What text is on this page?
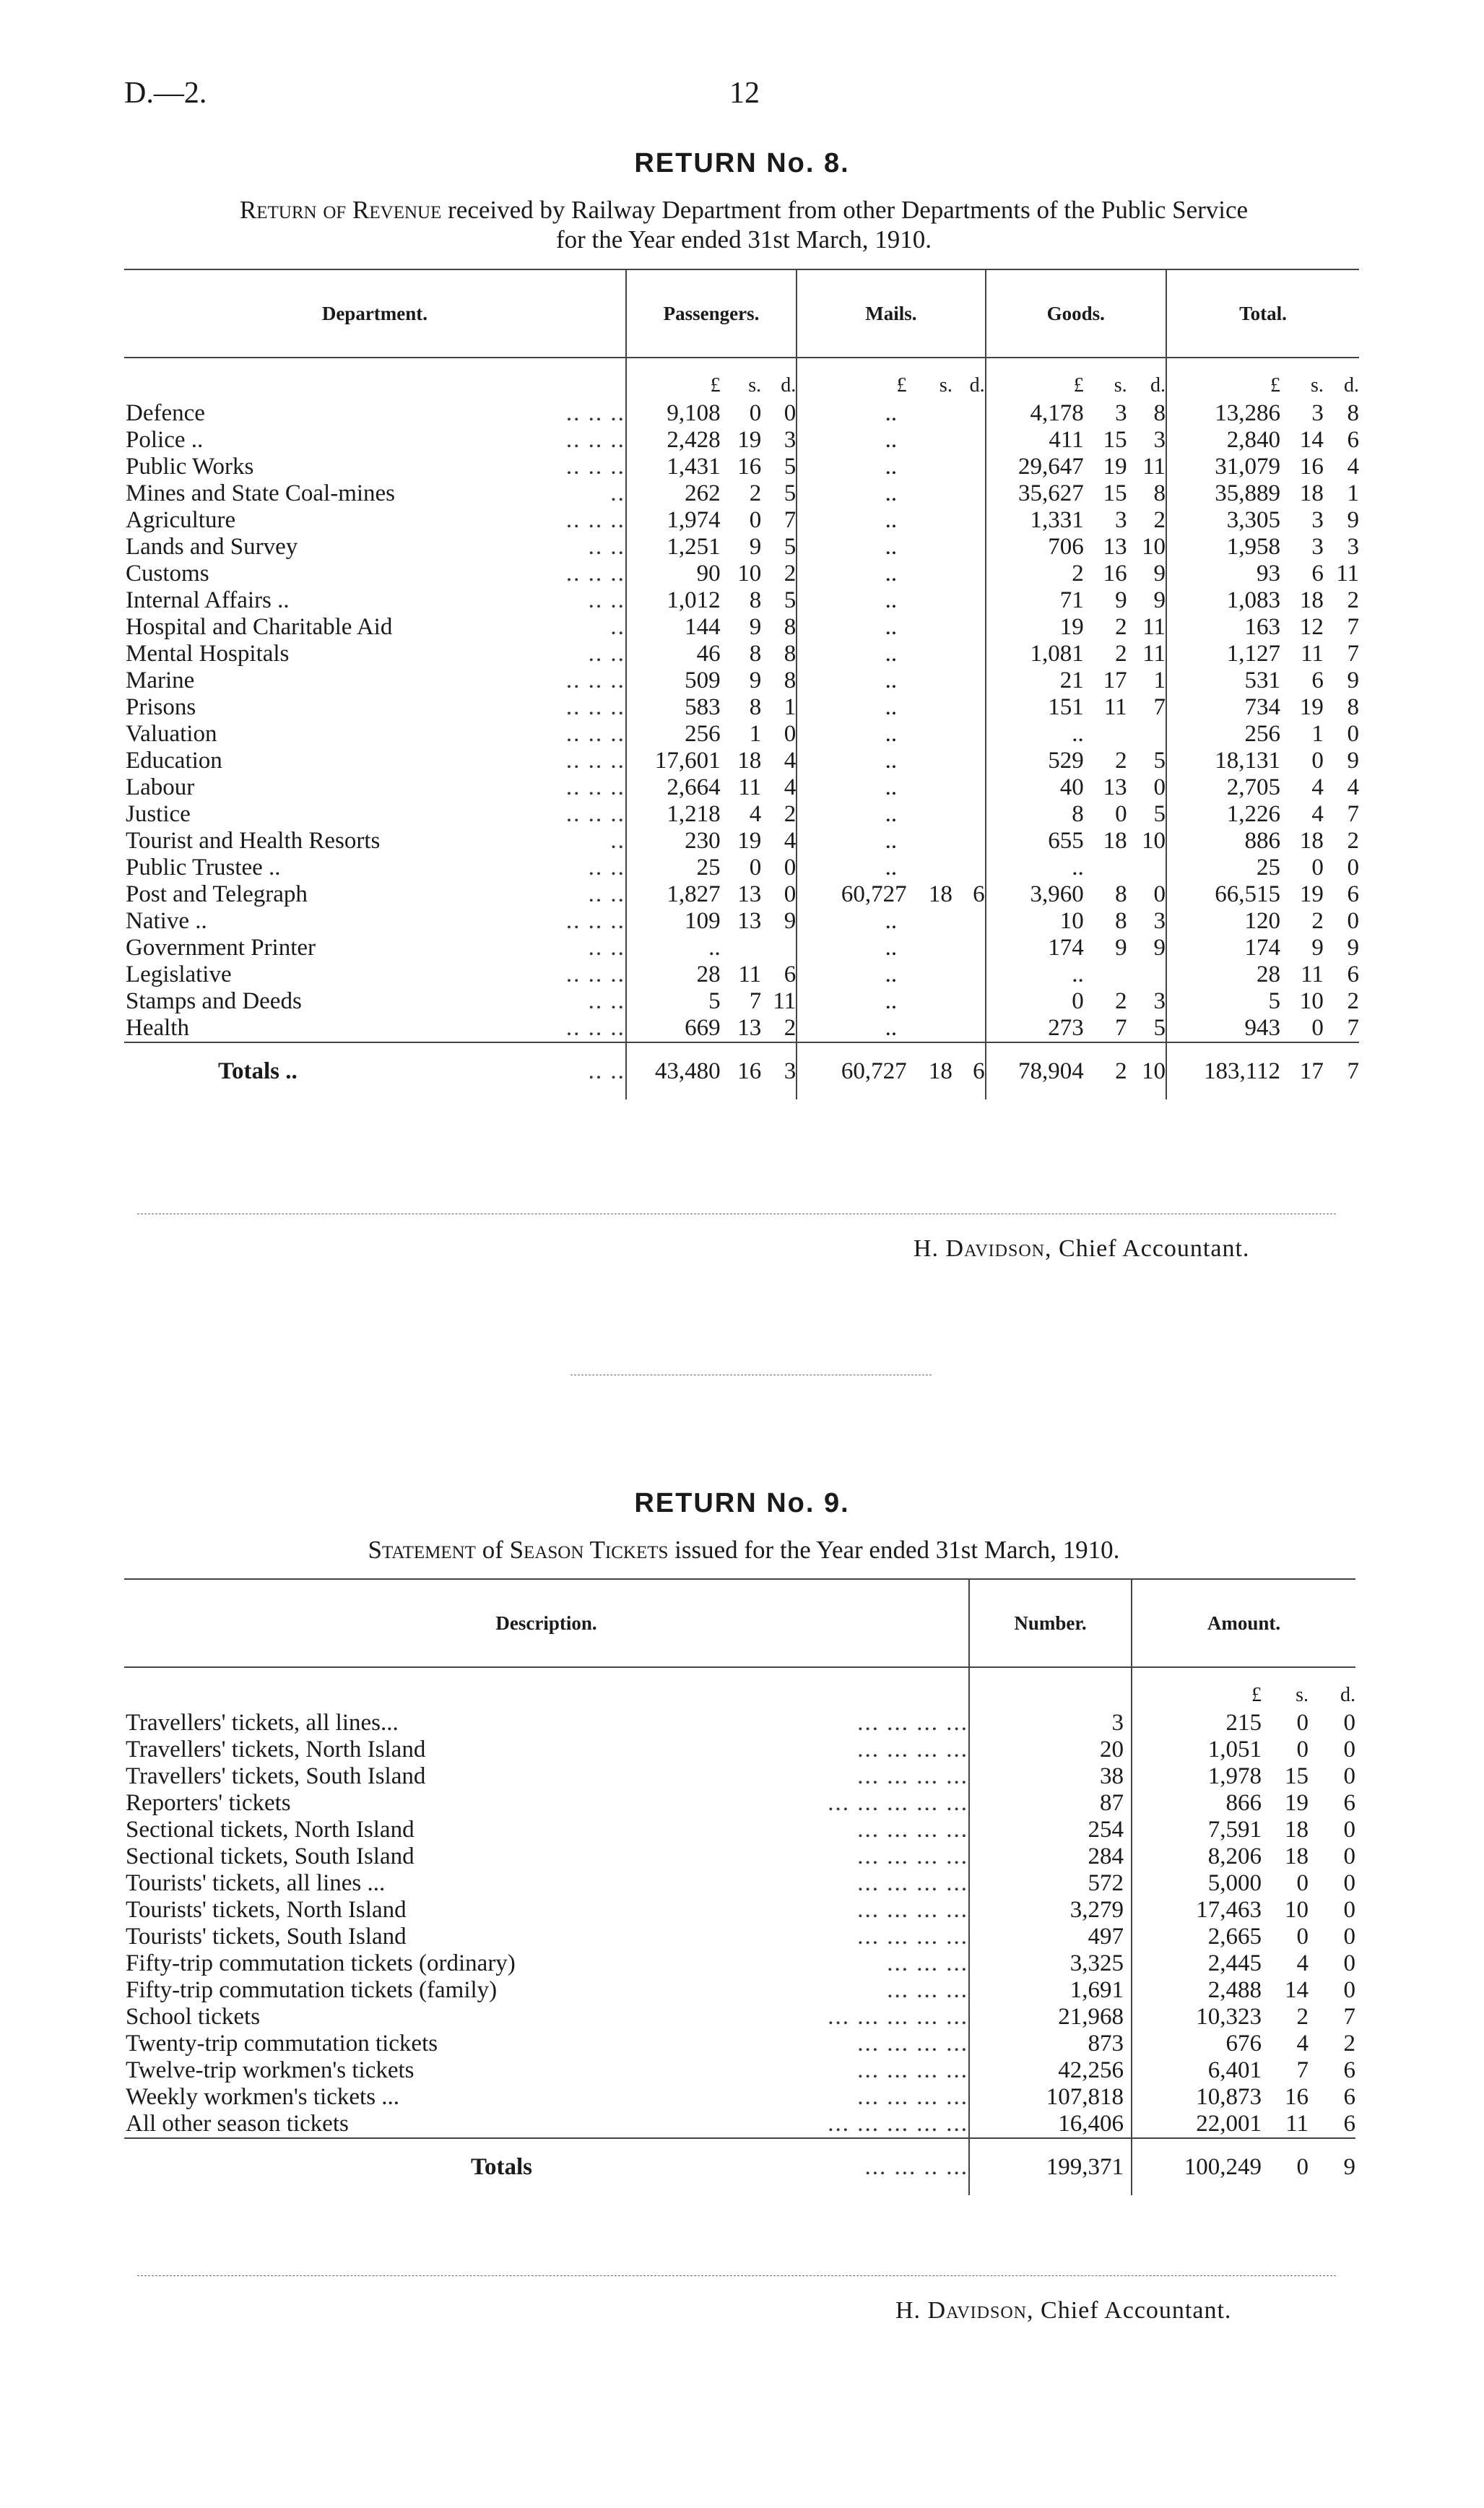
D.—2.	12
RETURN No. 8.
Return of Revenue received by Railway Department from other Departments of the Public Service
for the Year ended 31st March, 1910.
Department.		Passengers.			Mails.			Goods.			Total.		
		£	s.	d.	£	s.	d.	£	s.	d.	£	s.	d.
Defence	.. .. ..	9,108	0	0	..			4,178	3	8	13,286	3	8
Police ..	.. .. ..	2,428	19	3	..			411	15	3	2,840	14	6
Public Works	.. .. ..	1,431	16	5	..			29,647	19	11	31,079	16	4
Mines and State Coal-mines	..	262	2	5	..			35,627	15	8	35,889	18	1
Agriculture	.. .. ..	1,974	0	7	..			1,331	3	2	3,305	3	9
Lands and Survey	.. ..	1,251	9	5	..			706	13	10	1,958	3	3
Customs	.. .. ..	90	10	2	..			2	16	9	93	6	11
Internal Affairs ..	.. ..	1,012	8	5	..			71	9	9	1,083	18	2
Hospital and Charitable Aid	..	144	9	8	..			19	2	11	163	12	7
Mental Hospitals	.. ..	46	8	8	..			1,081	2	11	1,127	11	7
Marine	.. .. ..	509	9	8	..			21	17	1	531	6	9
Prisons	.. .. ..	583	8	1	..			151	11	7	734	19	8
Valuation	.. .. ..	256	1	0	..			..			256	1	0
Education	.. .. ..	17,601	18	4	..			529	2	5	18,131	0	9
Labour	.. .. ..	2,664	11	4	..			40	13	0	2,705	4	4
Justice	.. .. ..	1,218	4	2	..			8	0	5	1,226	4	7
Tourist and Health Resorts	..	230	19	4	..			655	18	10	886	18	2
Public Trustee ..	.. ..	25	0	0	..			..			25	0	0
Post and Telegraph	.. ..	1,827	13	0	60,727	18	6	3,960	8	0	66,515	19	6
Native ..	.. .. ..	109	13	9	..			10	8	3	120	2	0
Government Printer	.. ..	..			..			174	9	9	174	9	9
Legislative	.. .. ..	28	11	6	..			..			28	11	6
Stamps and Deeds	.. ..	5	7	11	..			0	2	3	5	10	2
Health	.. .. ..	669	13	2	..			273	7	5	943	0	7
Totals ..	.. ..	43,480	16	3	60,727	18	6	78,904	2	10	183,112	17	7
H. Davidson, Chief Accountant.
RETURN No. 9.
Statement of Season Tickets issued for the Year ended 31st March, 1910.
Description.		Number.	Amount.		
			£	s.	d.
Travellers' tickets, all lines...	... ... ... ...	3	215	0	0
Travellers' tickets, North Island	... ... ... ...	20	1,051	0	0
Travellers' tickets, South Island	... ... ... ...	38	1,978	15	0
Reporters' tickets	... ... ... ... ...	87	866	19	6
Sectional tickets, North Island	... ... ... ...	254	7,591	18	0
Sectional tickets, South Island	... ... ... ...	284	8,206	18	0
Tourists' tickets, all lines ...	... ... ... ...	572	5,000	0	0
Tourists' tickets, North Island	... ... ... ...	3,279	17,463	10	0
Tourists' tickets, South Island	... ... ... ...	497	2,665	0	0
Fifty-trip commutation tickets (ordinary)	... ... ...	3,325	2,445	4	0
Fifty-trip commutation tickets (family)	... ... ...	1,691	2,488	14	0
School tickets	... ... ... ... ...	21,968	10,323	2	7
Twenty-trip commutation tickets	... ... ... ...	873	676	4	2
Twelve-trip workmen's tickets	... ... ... ...	42,256	6,401	7	6
Weekly workmen's tickets ...	... ... ... ...	107,818	10,873	16	6
All other season tickets	... ... ... ... ...	16,406	22,001	11	6
Totals	... ... .. ...	199,371	100,249	0	9
H. Davidson, Chief Accountant.
